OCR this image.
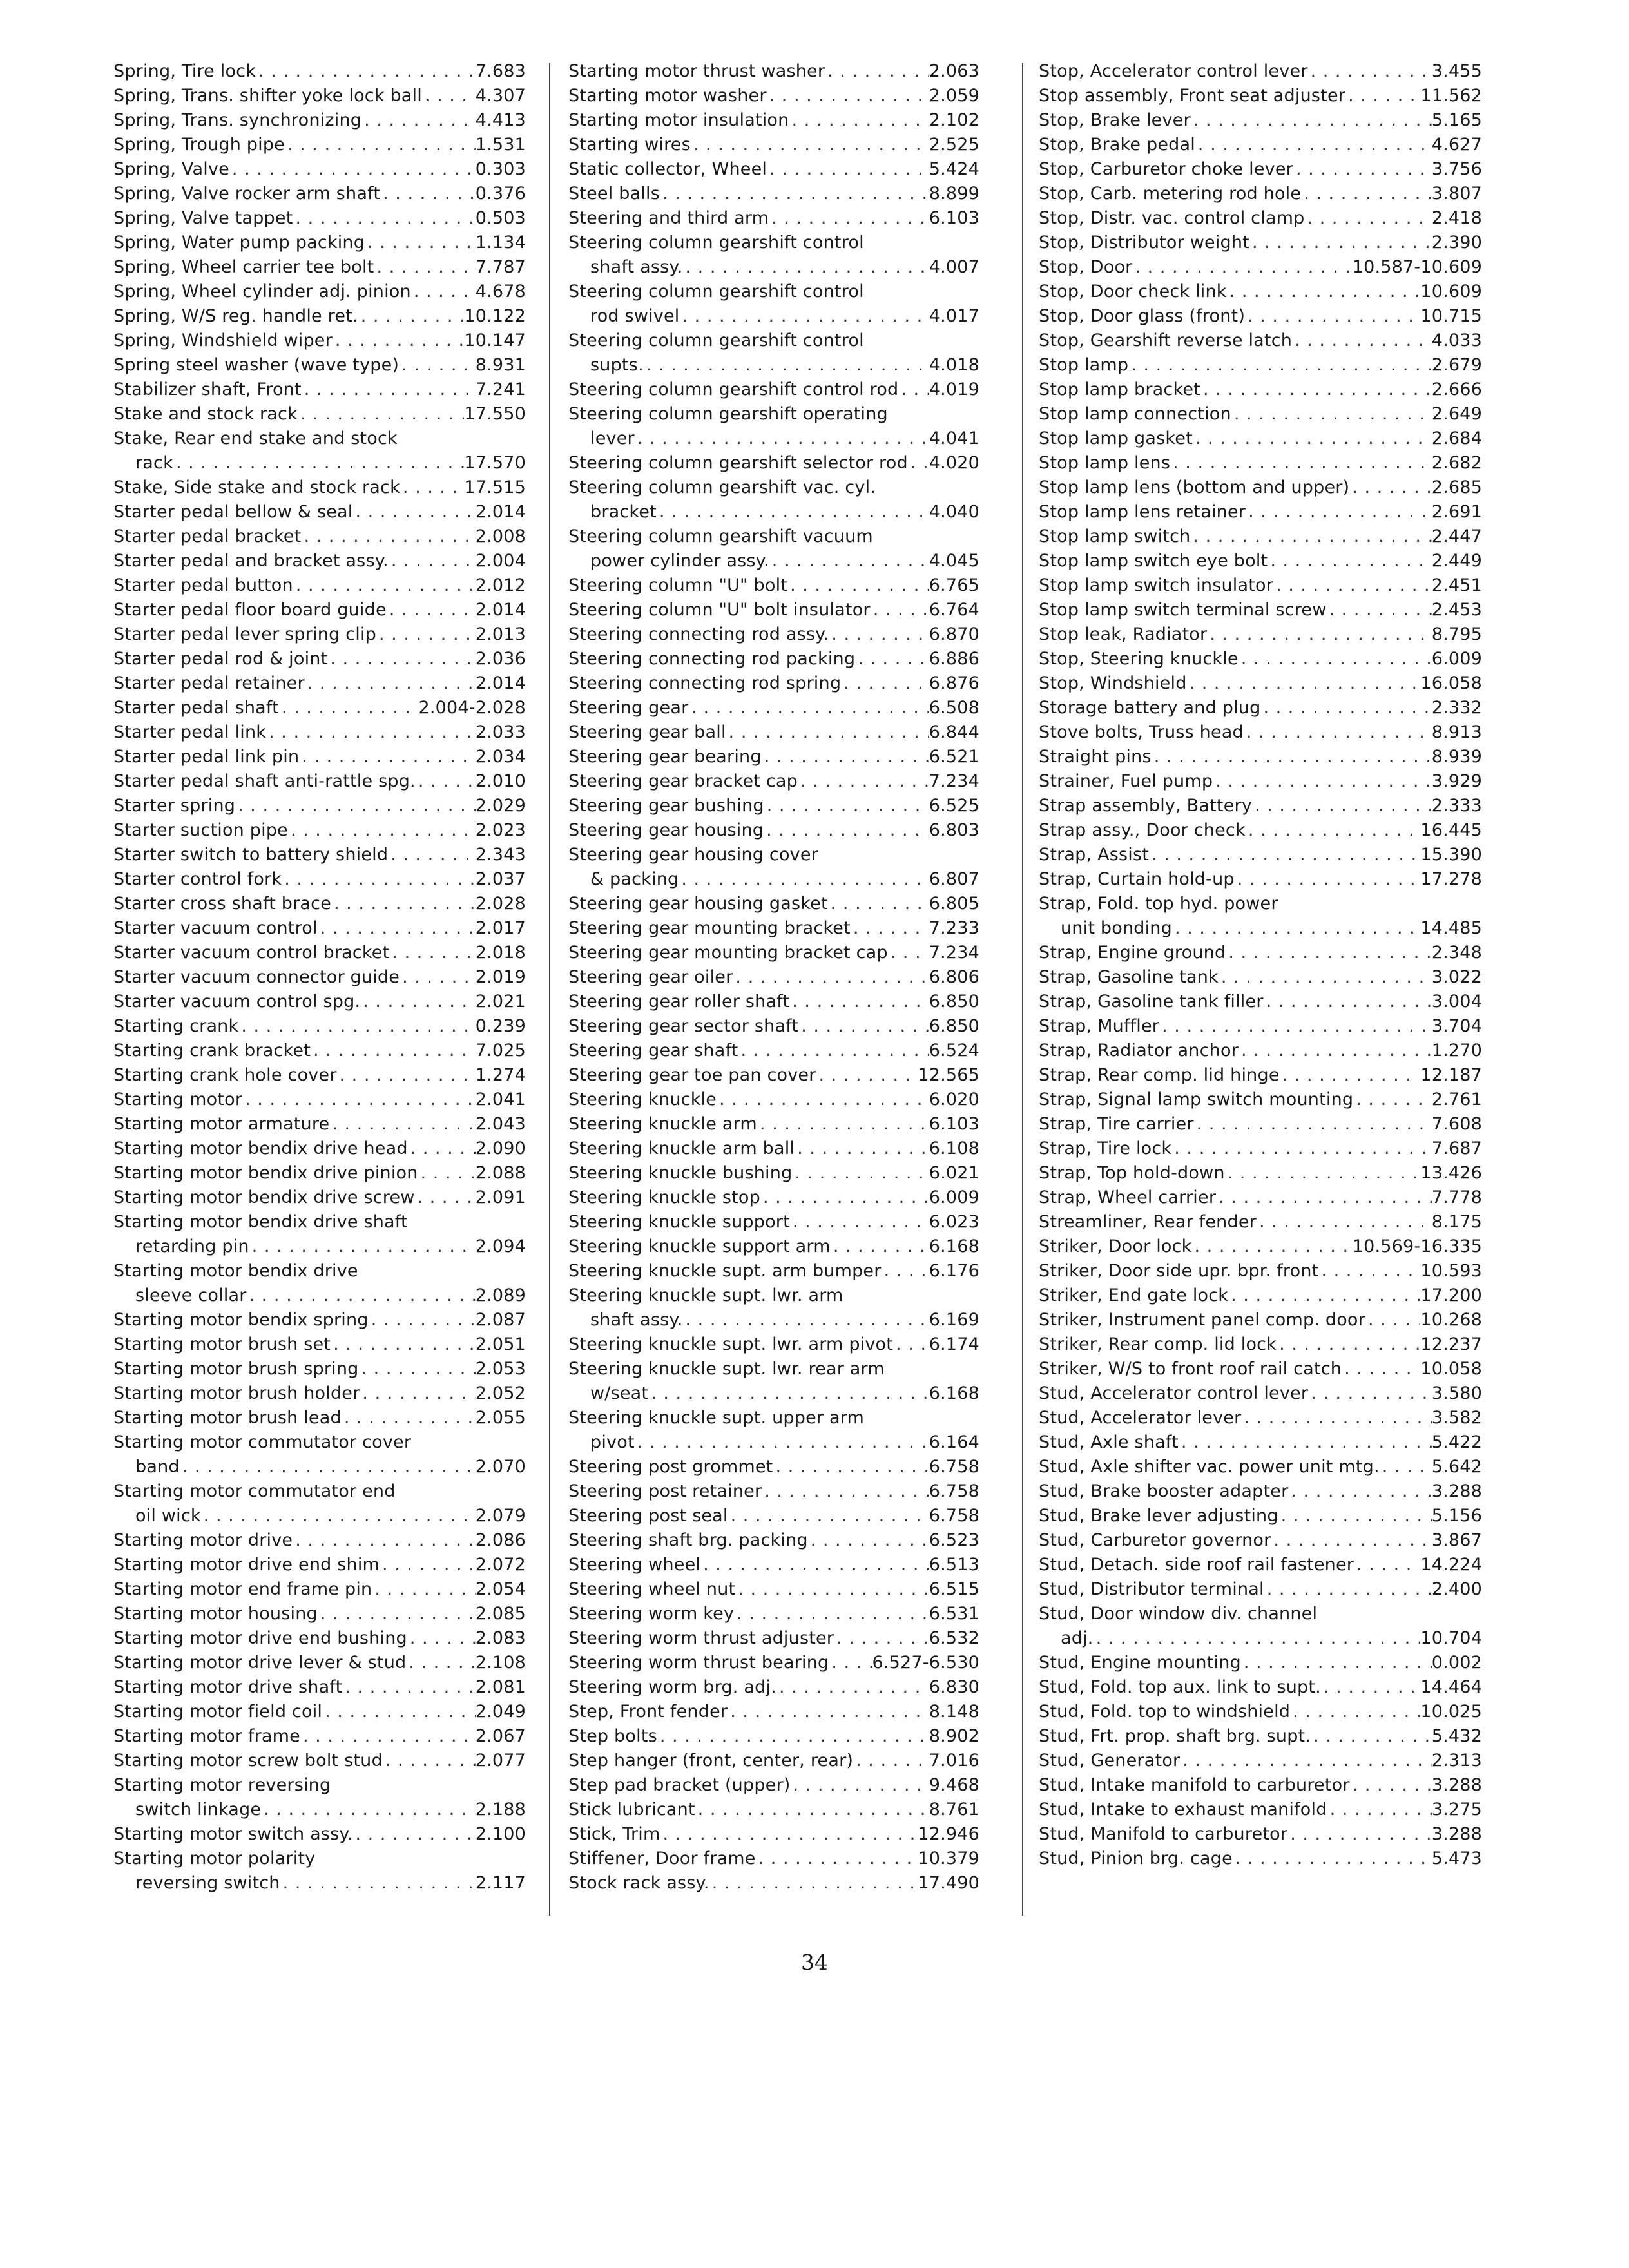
Spring, Tire lock . . .	7.683
Spring, Trans. shifter yoke lock ball . . .	4.307
Spring, Trans. synchronizing . . .	4.413
Spring, Trough pipe . . .	1.531
Spring, Valve . . .	0.303
Spring, Valve rocker arm shaft . . .	0.376
Spring, Valve tappet . . .	0.503
Spring, Water pump packing . . .	1.134
Spring, Wheel carrier tee bolt . . .	7.787
Spring, Wheel cylinder adj. pinion . . .	4.678
Spring, W/S reg. handle ret. . . .	10.122
Spring, Windshield wiper . . .	10.147
Spring steel washer (wave type) . . .	8.931
Stabilizer shaft, Front . . .	7.241
Stake and stock rack . . .	17.550
Stake, Rear end stake and stock
rack . . .	17.570
Stake, Side stake and stock rack . . .	17.515
Starter pedal bellow & seal . . .	2.014
Starter pedal bracket . . .	2.008
Starter pedal and bracket assy. . . .	2.004
Starter pedal button . . .	2.012
Starter pedal floor board guide . . .	2.014
Starter pedal lever spring clip . . .	2.013
Starter pedal rod & joint . . .	2.036
Starter pedal retainer . . .	2.014
Starter pedal shaft . . .	2.004-2.028
Starter pedal link . . .	2.033
Starter pedal link pin . . .	2.034
Starter pedal shaft anti-rattle spg. . . .	2.010
Starter spring . . .	2.029
Starter suction pipe . . .	2.023
Starter switch to battery shield . . .	2.343
Starter control fork . . .	2.037
Starter cross shaft brace . . .	2.028
Starter vacuum control . . .	2.017
Starter vacuum control bracket . . .	2.018
Starter vacuum connector guide . . .	2.019
Starter vacuum control spg. . . .	2.021
Starting crank . . .	0.239
Starting crank bracket . . .	7.025
Starting crank hole cover . . .	1.274
Starting motor . . .	2.041
Starting motor armature . . .	2.043
Starting motor bendix drive head . . .	2.090
Starting motor bendix drive pinion . . .	2.088
Starting motor bendix drive screw . . .	2.091
Starting motor bendix drive shaft
retarding pin . . .	2.094
Starting motor bendix drive
sleeve collar . . .	2.089
Starting motor bendix spring . . .	2.087
Starting motor brush set . . .	2.051
Starting motor brush spring . . .	2.053
Starting motor brush holder . . .	2.052
Starting motor brush lead . . .	2.055
Starting motor commutator cover
band . . .	2.070
Starting motor commutator end
oil wick . . .	2.079
Starting motor drive . . .	2.086
Starting motor drive end shim . . .	2.072
Starting motor end frame pin . . .	2.054
Starting motor housing . . .	2.085
Starting motor drive end bushing . . .	2.083
Starting motor drive lever & stud . . .	2.108
Starting motor drive shaft . . .	2.081
Starting motor field coil . . .	2.049
Starting motor frame . . .	2.067
Starting motor screw bolt stud . . .	2.077
Starting motor reversing
switch linkage . . .	2.188
Starting motor switch assy. . . .	2.100
Starting motor polarity
reversing switch . . .	2.117
Starting motor thrust washer . . .	2.063
Starting motor washer . . .	2.059
Starting motor insulation . . .	2.102
Starting wires . . .	2.525
Static collector, Wheel . . .	5.424
Steel balls . . .	8.899
Steering and third arm . . .	6.103
Steering column gearshift control
shaft assy. . . .	4.007
Steering column gearshift control
rod swivel . . .	4.017
Steering column gearshift control
supts. . . .	4.018
Steering column gearshift control rod . . . 4.019
Steering column gearshift operating
lever . . .	4.041
Steering column gearshift selector rod . . . 4.020
Steering column gearshift vac. cyl.
bracket . . .	4.040
Steering column gearshift vacuum
power cylinder assy. . . .	4.045
Steering column "U" bolt . . .	6.765
Steering column "U" bolt insulator . . .	6.764
Steering connecting rod assy. . . .	6.870
Steering connecting rod packing . . .	6.886
Steering connecting rod spring . . .	6.876
Steering gear . . .	6.508
Steering gear ball . . .	6.844
Steering gear bearing . . .	6.521
Steering gear bracket cap . . .	7.234
Steering gear bushing . . .	6.525
Steering gear housing . . .	6.803
Steering gear housing cover
& packing . . .	6.807
Steering gear housing gasket . . .	6.805
Steering gear mounting bracket . . .	7.233
Steering gear mounting bracket cap . . . 7.234
Steering gear oiler . . .	6.806
Steering gear roller shaft . . .	6.850
Steering gear sector shaft . . .	6.850
Steering gear shaft . . .	6.524
Steering gear toe pan cover . . .	12.565
Steering knuckle . . .	6.020
Steering knuckle arm . . .	6.103
Steering knuckle arm ball . . .	6.108
Steering knuckle bushing . . .	6.021
Steering knuckle stop . . .	6.009
Steering knuckle support . . .	6.023
Steering knuckle support arm . . .	6.168
Steering knuckle supt. arm bumper . . .	6.176
Steering knuckle supt. lwr. arm
shaft assy. . . .	6.169
Steering knuckle supt. lwr. arm pivot . . . 6.174
Steering knuckle supt. lwr. rear arm
w/seat . . .	6.168
Steering knuckle supt. upper arm
pivot . . .	6.164
Steering post grommet . . .	6.758
Steering post retainer . . .	6.758
Steering post seal . . .	6.758
Steering shaft brg. packing . . .	6.523
Steering wheel . . .	6.513
Steering wheel nut . . .	6.515
Steering worm key . . .	6.531
Steering worm thrust adjuster . . .	6.532
Steering worm thrust bearing . . . 6.527-6.530
Steering worm brg. adj. . . .	6.830
Step, Front fender . . .	8.148
Step bolts . . .	8.902
Step hanger (front, center, rear) . . .	7.016
Step pad bracket (upper) . . .	9.468
Stick lubricant . . .	8.761
Stick, Trim . . .	12.946
Stiffener, Door frame . . .	10.379
Stock rack assy. . . .	17.490
Stop, Accelerator control lever . . .	3.455
Stop assembly, Front seat adjuster . . .	11.562
Stop, Brake lever . . .	5.165
Stop, Brake pedal . . .	4.627
Stop, Carburetor choke lever . . .	3.756
Stop, Carb. metering rod hole . . .	3.807
Stop, Distr. vac. control clamp . . .	2.418
Stop, Distributor weight . . .	2.390
Stop, Door . . .	10.587-10.609
Stop, Door check link . . .	10.609
Stop, Door glass (front) . . .	10.715
Stop, Gearshift reverse latch . . .	4.033
Stop lamp . . .	2.679
Stop lamp bracket . . .	2.666
Stop lamp connection . . .	2.649
Stop lamp gasket . . .	2.684
Stop lamp lens . . .	2.682
Stop lamp lens (bottom and upper) . . .	2.685
Stop lamp lens retainer . . .	2.691
Stop lamp switch . . .	2.447
Stop lamp switch eye bolt . . .	2.449
Stop lamp switch insulator . . .	2.451
Stop lamp switch terminal screw . . .	2.453
Stop leak, Radiator . . .	8.795
Stop, Steering knuckle . . .	6.009
Stop, Windshield . . .	16.058
Storage battery and plug . . .	2.332
Stove bolts, Truss head . . .	8.913
Straight pins . . .	8.939
Strainer, Fuel pump . . .	3.929
Strap assembly, Battery . . .	2.333
Strap assy., Door check . . .	16.445
Strap, Assist . . .	15.390
Strap, Curtain hold-up . . .	17.278
Strap, Fold. top hyd. power
unit bonding . . .	14.485
Strap, Engine ground . . .	2.348
Strap, Gasoline tank . . .	3.022
Strap, Gasoline tank filler . . .	3.004
Strap, Muffler . . .	3.704
Strap, Radiator anchor . . .	1.270
Strap, Rear comp. lid hinge . . .	12.187
Strap, Signal lamp switch mounting . . .	2.761
Strap, Tire carrier . . .	7.608
Strap, Tire lock . . .	7.687
Strap, Top hold-down . . .	13.426
Strap, Wheel carrier . . .	7.778
Streamliner, Rear fender . . .	8.175
Striker, Door lock . . .	10.569-16.335
Striker, Door side upr. bpr. front . . .	10.593
Striker, End gate lock . . .	17.200
Striker, Instrument panel comp. door . . .	10.268
Striker, Rear comp. lid lock . . .	12.237
Striker, W/S to front roof rail catch . . .	10.058
Stud, Accelerator control lever . . .	3.580
Stud, Accelerator lever . . .	3.582
Stud, Axle shaft . . .	5.422
Stud, Axle shifter vac. power unit mtg. . . .	5.642
Stud, Brake booster adapter . . .	3.288
Stud, Brake lever adjusting . . .	5.156
Stud, Carburetor governor . . .	3.867
Stud, Detach. side roof rail fastener . . .	14.224
Stud, Distributor terminal . . .	2.400
Stud, Door window div. channel
adj. . . .	10.704
Stud, Engine mounting . . .	0.002
Stud, Fold. top aux. link to supt. . . .	14.464
Stud, Fold. top to windshield . . .	10.025
Stud, Frt. prop. shaft brg. supt. . . .	5.432
Stud, Generator . . .	2.313
Stud, Intake manifold to carburetor . . .	3.288
Stud, Intake to exhaust manifold . . .	3.275
Stud, Manifold to carburetor . . .	3.288
Stud, Pinion brg. cage . . .	5.473
34
